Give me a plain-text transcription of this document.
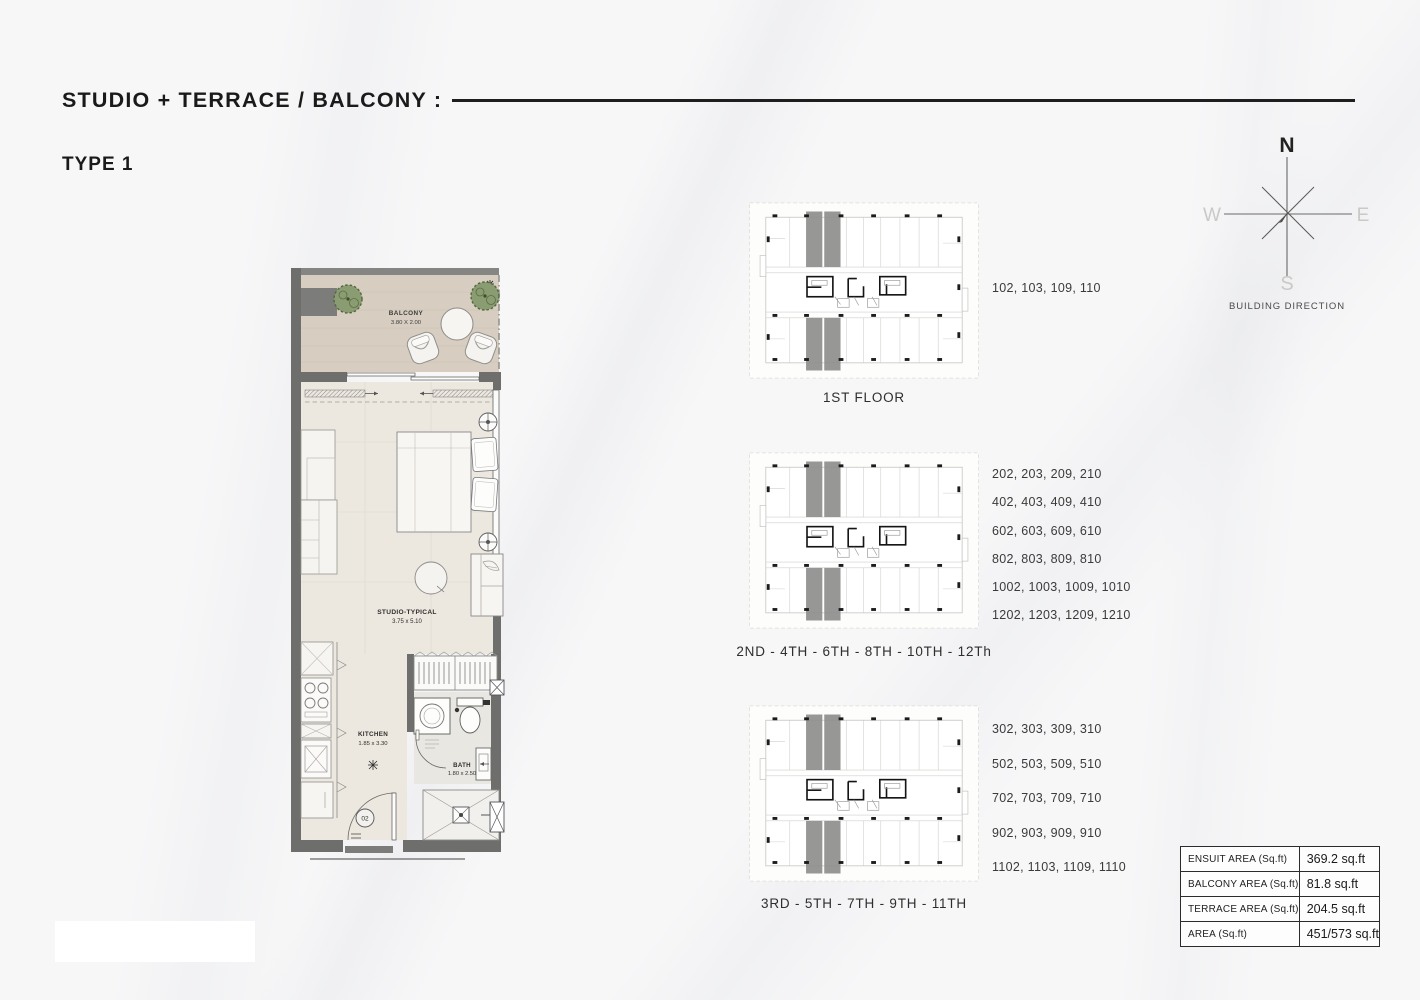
STUDIO + TERRACE / BALCONY :
TYPE 1
102, 103, 109, 110
1ST FLOOR
202, 203, 209, 210
402, 403, 409, 410
602, 603, 609, 610
802, 803, 809, 810
1002, 1003, 1009, 1010
1202, 1203, 1209, 1210
2ND - 4TH - 6TH - 8TH - 10TH - 12Th
302, 303, 309, 310
502, 503, 509, 510
702, 703, 709, 710
902, 903, 909, 910
1102, 1103, 1109, 1110
3RD - 5TH - 7TH - 9TH - 11TH
N
W	E
S
BUILDING DIRECTION
ENSUIT AREA (Sq.ft)	369.2 sq.ft
BALCONY AREA (Sq.ft)	81.8 sq.ft
TERRACE AREA (Sq.ft)	204.5 sq.ft
AREA (Sq.ft)	451/573 sq.ft
BALCONY
3.80 X 2.00
STUDIO-TYPICAL
3.75 x 5.10
KITCHEN
1.85 x 3.30
BATH
1.80 x 2.50
02
